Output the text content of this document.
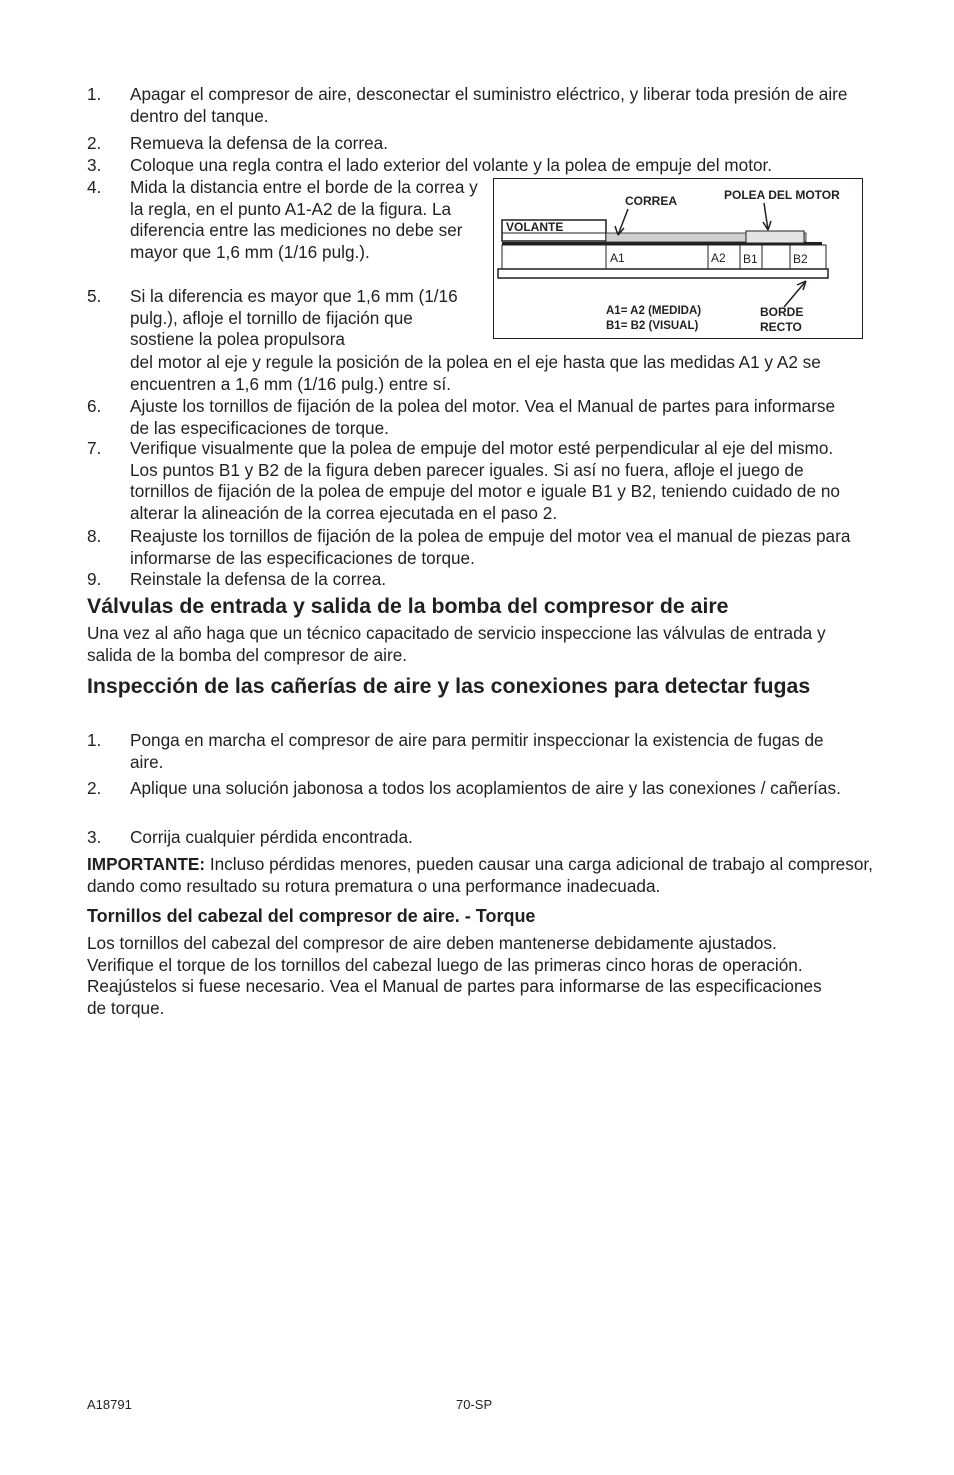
1.	Apagar el compresor de aire, desconectar el suministro eléctrico, y liberar toda presión de aire dentro del tanque.
2.	Remueva la defensa de la correa.
3.	Coloque una regla contra el lado exterior del volante y la polea de empuje del motor.
4.	Mida la distancia entre el borde de la correa y la regla, en el punto A1-A2 de la figura. La diferencia entre las mediciones no debe ser mayor que 1,6 mm (1/16 pulg.).
5.	Si la diferencia es mayor que 1,6 mm (1/16 pulg.), afloje el tornillo de fijación que sostiene la polea propulsora
del motor al eje y regule la posición de la polea en el eje hasta que las medidas A1 y A2 se encuentren a 1,6 mm (1/16 pulg.) entre sí.
VOLANTE
CORREA	POLEA DEL MOTOR
A1	A2 B1	B2
A1= A2 (MEDIDA)
B1= B2 (VISUAL)
BORDE
RECTO
6.	Ajuste los tornillos de fijación de la polea del motor. Vea el Manual de partes para informarse de las especificaciones de torque.
7.	Verifique visualmente que la polea de empuje del motor esté perpendicular al eje del mismo. Los puntos B1 y B2 de la figura deben parecer iguales. Si así no fuera, afloje el juego de tornillos de fijación de la polea de empuje del motor e iguale B1 y B2, teniendo cuidado de no alterar la alineación de la correa ejecutada en el paso 2.
8.	Reajuste los tornillos de fijación de la polea de empuje del motor vea el manual de piezas para informarse de las especificaciones de torque.
9.	Reinstale la defensa de la correa.
Válvulas de entrada y salida de la bomba del compresor de aire
Una vez al año haga que un técnico capacitado de servicio inspeccione las válvulas de entrada y salida de la bomba del compresor de aire.
Inspección de las cañerías de aire y las conexiones para detectar fugas
1.	Ponga en marcha el compresor de aire para permitir inspeccionar la existencia de fugas de aire.
2.	Aplique una solución jabonosa a todos los acoplamientos de aire y las conexiones / cañerías.
3.	Corrija cualquier pérdida encontrada.
IMPORTANTE: Incluso pérdidas menores, pueden causar una carga adicional de trabajo al compresor, dando como resultado su rotura prematura o una performance inadecuada.
Tornillos del cabezal del compresor de aire. - Torque
Los tornillos del cabezal del compresor de aire deben mantenerse debidamente ajustados. Verifique el torque de los tornillos del cabezal luego de las primeras cinco horas de operación. Reajústelos si fuese necesario. Vea el Manual de partes para informarse de las especificaciones de torque.
A18791	70-SP
